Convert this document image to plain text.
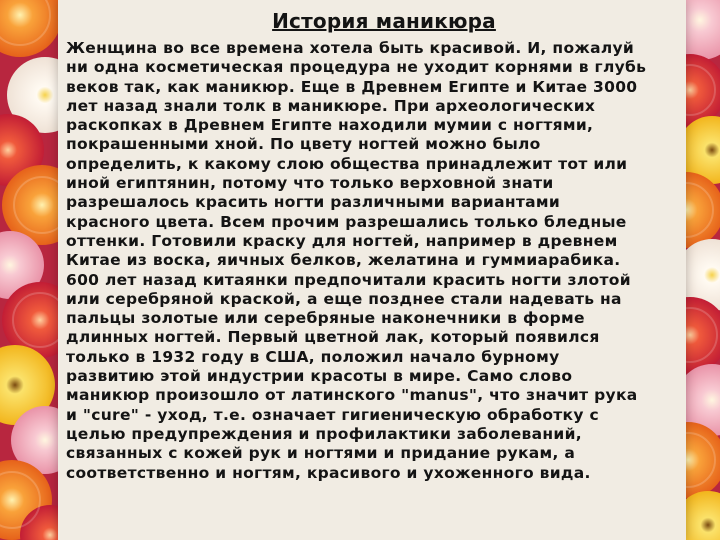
История маникюра
Женщина во все времена хотела быть красивой. И, пожалуй
ни одна косметическая процедура не уходит корнями в глубь
веков так, как маникюр. Еще в Древнем Египте и Китае 3000
лет назад знали толк в маникюре. При археологических
раскопках в Древнем Египте находили мумии с ногтями,
покрашенными хной. По цвету ногтей можно было
определить, к какому слою общества принадлежит тот или
иной египтянин, потому что только верховной знати
разрешалось красить ногти различными вариантами
красного цвета. Всем прочим разрешались только бледные
оттенки. Готовили краску для ногтей, например в древнем
Китае из воска, яичных белков, желатина и гуммиарабика.
600 лет назад китаянки предпочитали красить ногти злотой
или серебряной краской, а еще позднее стали надевать на
пальцы золотые или серебряные наконечники в форме
длинных ногтей. Первый цветной лак, который появился
только в 1932 году в США, положил начало бурному
развитию этой индустрии красоты в мире. Само слово
маникюр произошло от латинского "manus", что значит рука
и "cure" - уход, т.е. означает гигиеническую обработку с
целью предупреждения и профилактики заболеваний,
связанных с кожей рук и ногтями и придание рукам, а
соответственно и ногтям, красивого и ухоженного вида.
